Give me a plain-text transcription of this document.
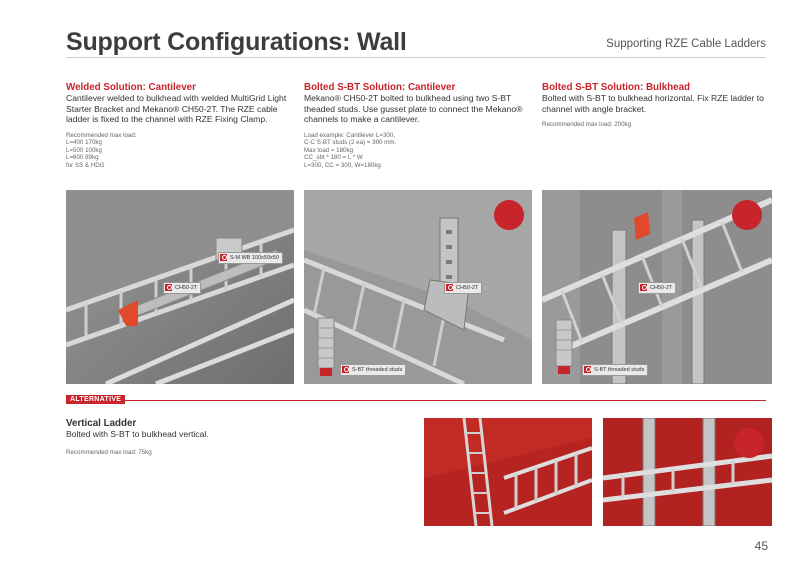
Support Configurations: Wall	Supporting RZE Cable Ladders
Welded Solution: Cantilever
Cantilever welded to bulkhead with welded MultiGrid Light Starter Bracket and Mekano® CH50-2T. The RZE cable ladder is fixed to the channel with RZE Fixing Clamp.
Recommended max load:
L=400 170kg
L=500 100kg
L=600 69kg
for SS & HDG
Bolted S-BT Solution: Cantilever
Mekano® CH50-2T bolted to bulkhead using two S-BT theaded studs. Use gusset plate to connect the Mekano® channels to make a cantilever.
Load example: Cantilever L=300,
C-C S-BT studs (2 ea) = 300 mm.
Max load = 180kg
CC_sbt * 180 = L * W
L=300, CC = 300, W=180kg
Bolted S-BT Solution: Bulkhead
Bolted with S-BT to bulkhead horizontal. Fix RZE ladder to channel with angle bracket.
Recommended max load: 200kg
S-M WB 100x50x50
CH50-2T	CH50-2T
S-BT threaded studs
CH50-2T
S-BT threaded studs
ALTERNATIVE
Vertical Ladder
Bolted with S-BT to bulkhead vertical.
Recommended max load: 75kg
45
